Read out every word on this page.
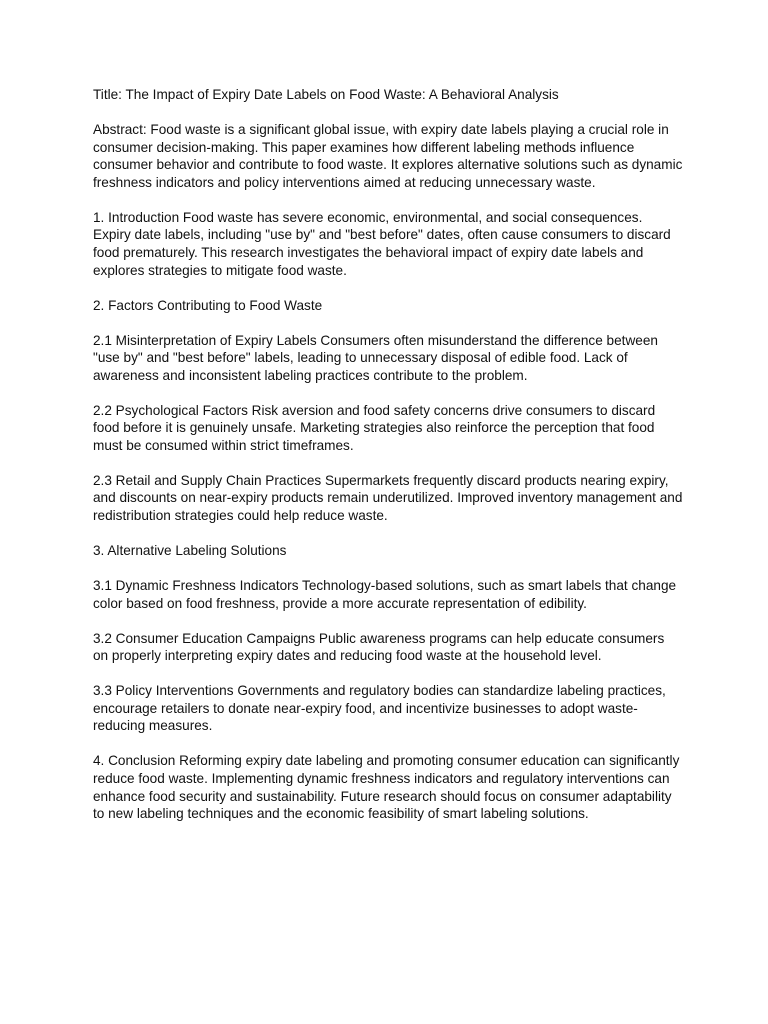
Title: The Impact of Expiry Date Labels on Food Waste: A Behavioral Analysis

Abstract: Food waste is a significant global issue, with expiry date labels playing a crucial role in consumer decision-making. This paper examines how different labeling methods influence consumer behavior and contribute to food waste. It explores alternative solutions such as dynamic freshness indicators and policy interventions aimed at reducing unnecessary waste.

1. Introduction Food waste has severe economic, environmental, and social consequences. Expiry date labels, including "use by" and "best before" dates, often cause consumers to discard food prematurely. This research investigates the behavioral impact of expiry date labels and explores strategies to mitigate food waste.

2. Factors Contributing to Food Waste

2.1 Misinterpretation of Expiry Labels Consumers often misunderstand the difference between "use by" and "best before" labels, leading to unnecessary disposal of edible food. Lack of awareness and inconsistent labeling practices contribute to the problem.

2.2 Psychological Factors Risk aversion and food safety concerns drive consumers to discard food before it is genuinely unsafe. Marketing strategies also reinforce the perception that food must be consumed within strict timeframes.

2.3 Retail and Supply Chain Practices Supermarkets frequently discard products nearing expiry, and discounts on near-expiry products remain underutilized. Improved inventory management and redistribution strategies could help reduce waste.

3. Alternative Labeling Solutions

3.1 Dynamic Freshness Indicators Technology-based solutions, such as smart labels that change color based on food freshness, provide a more accurate representation of edibility.

3.2 Consumer Education Campaigns Public awareness programs can help educate consumers on properly interpreting expiry dates and reducing food waste at the household level.

3.3 Policy Interventions Governments and regulatory bodies can standardize labeling practices, encourage retailers to donate near-expiry food, and incentivize businesses to adopt waste-reducing measures.

4. Conclusion Reforming expiry date labeling and promoting consumer education can significantly reduce food waste. Implementing dynamic freshness indicators and regulatory interventions can enhance food security and sustainability. Future research should focus on consumer adaptability to new labeling techniques and the economic feasibility of smart labeling solutions.
